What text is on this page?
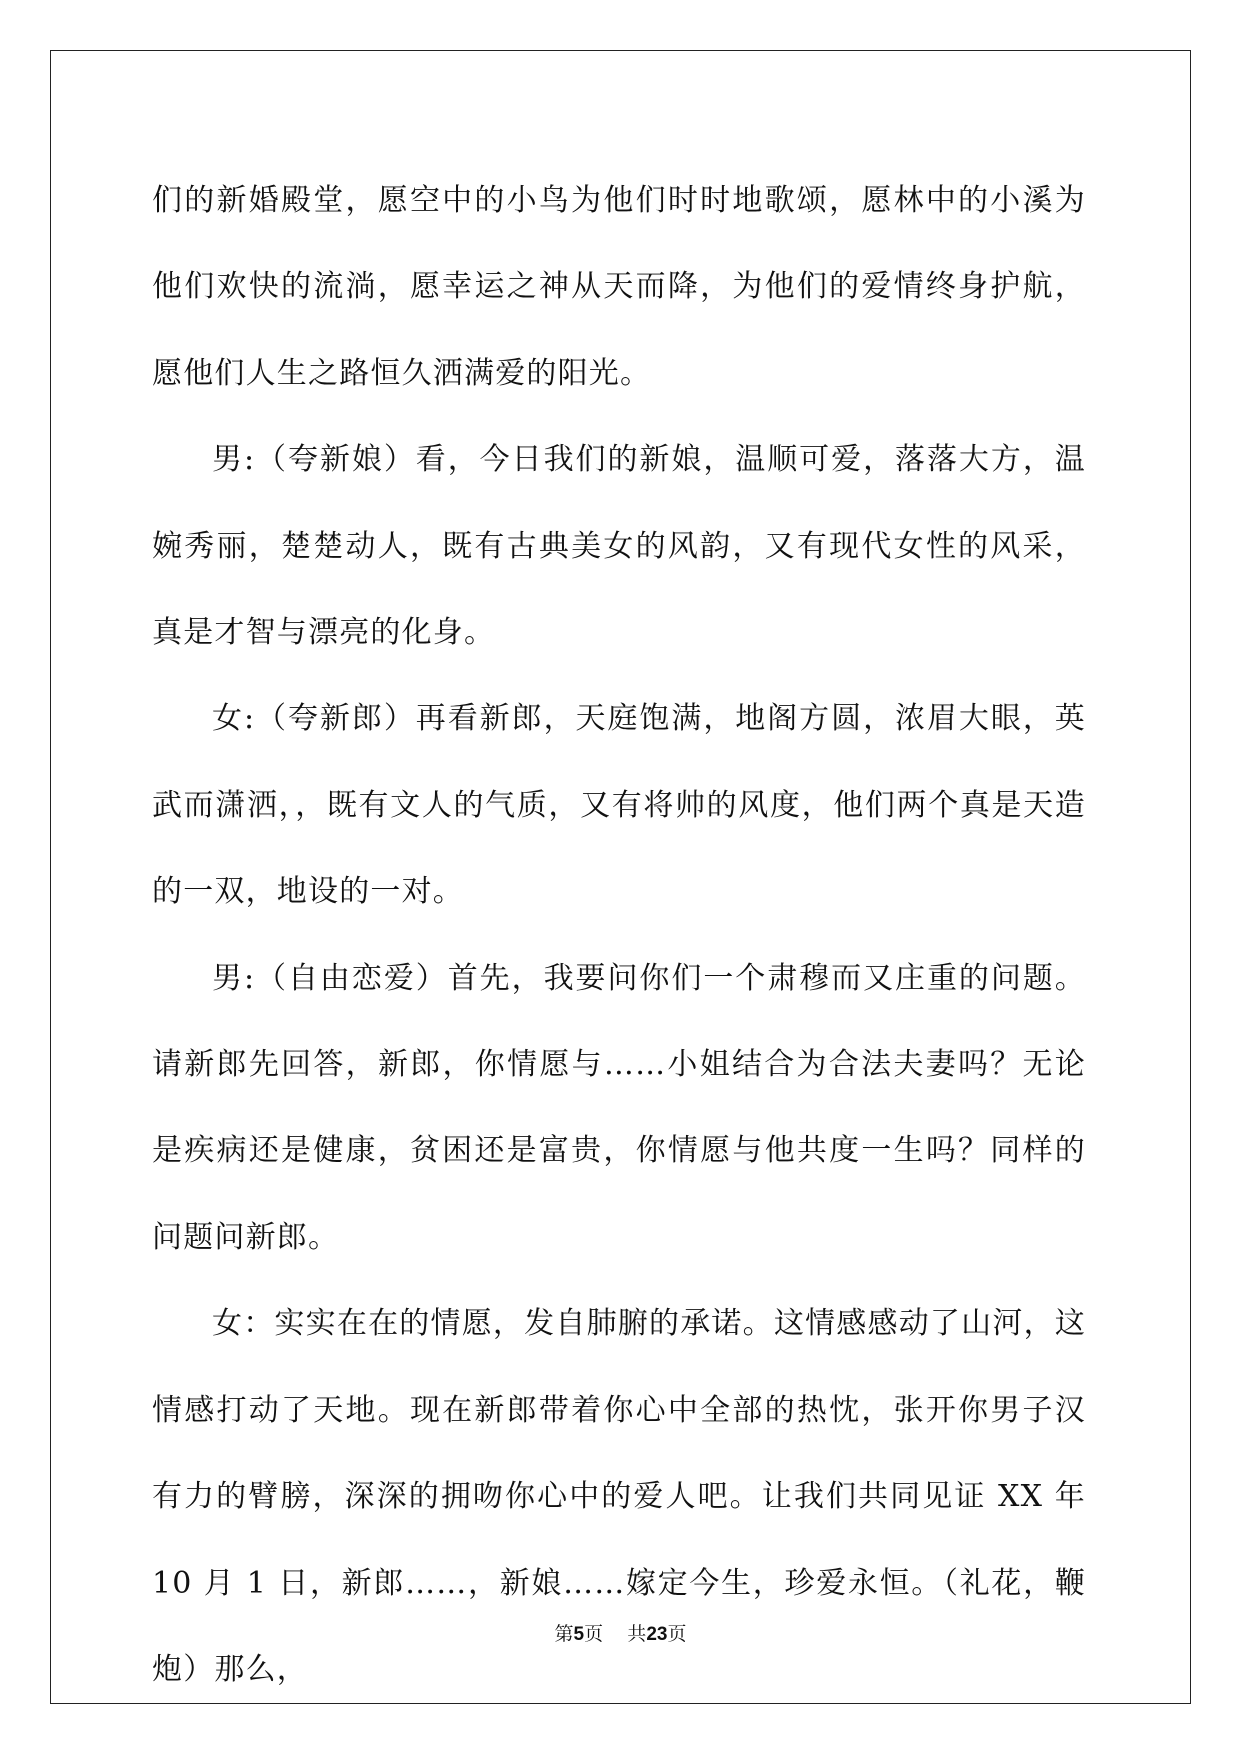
们的新婚殿堂，愿空中的小鸟为他们时时地歌颂，愿林中的小溪为他们欢快的流淌，愿幸运之神从天而降，为他们的爱情终身护航，愿他们人生之路恒久洒满爱的阳光。

男:（夸新娘）看，今日我们的新娘，温顺可爱，落落大方，温婉秀丽，楚楚动人，既有古典美女的风韵，又有现代女性的风采，真是才智与漂亮的化身。

女:（夸新郎）再看新郎，天庭饱满，地阁方圆，浓眉大眼，英武而潇洒，，既有文人的气质，又有将帅的风度，他们两个真是天造的一双，地设的一对。

男:（自由恋爱）首先，我要问你们一个肃穆而又庄重的问题。请新郎先回答，新郎，你情愿与……小姐结合为合法夫妻吗？无论是疾病还是健康，贫困还是富贵，你情愿与他共度一生吗？同样的问题问新郎。

女：实实在在的情愿，发自肺腑的承诺。这情感感动了山河，这情感打动了天地。现在新郎带着你心中全部的热忱，张开你男子汉有力的臂膀，深深的拥吻你心中的爱人吧。让我们共同见证 XX 年 10 月 1 日，新郎……，新娘……嫁定今生，珍爱永恒。（礼花，鞭炮）那么，

第5页 共23页
